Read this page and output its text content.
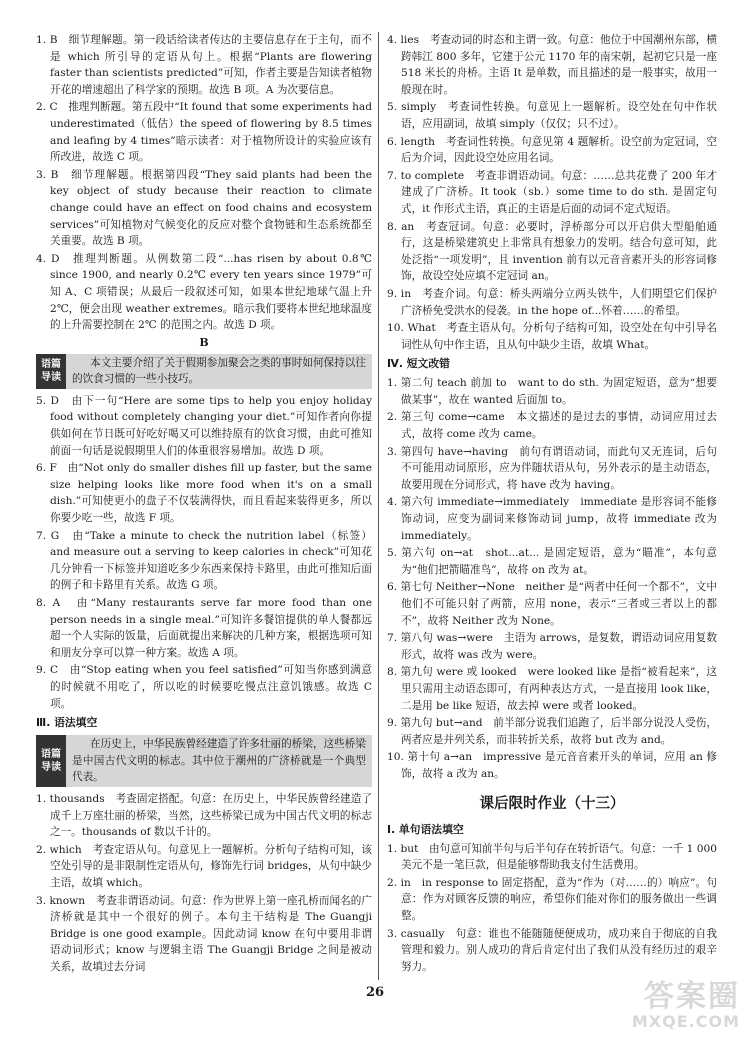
1. B　细节理解题。第一段话给读者传达的主要信息存在于主句，而不是 which 所引导的定语从句上。根据“Plants are flowering faster than scientists predicted”可知，作者主要是告知读者植物开花的增速超出了科学家的预期。故选 B 项。A 为次要信息。

2. C　推理判断题。第五段中“It found that some experiments had underestimated（低估）the speed of flowering by 8.5 times and leafing by 4 times”暗示读者：对于植物所设计的实验应该有所改进，故选 C 项。

3. B　细节理解题。根据第四段“They said plants had been the key object of study because their reaction to climate change could have an effect on food chains and ecosystem services”可知植物对气候变化的反应对整个食物链和生态系统都至关重要。故选 B 项。

4. D　推理判断题。从例数第二段“...has risen by about 0.8℃ since 1900, and nearly 0.2℃ every ten years since 1979”可知 A、C 项错误；从最后一段叙述可知，如果本世纪地球气温上升 2℃，便会出现 weather extremes。暗示我们要将本世纪地球温度的上升需要控制在 2℃ 的范围之内。故选 D 项。

B
语篇导读
本文主要介绍了关于假期参加聚会之类的事时如何保持以往的饮食习惯的一些小技巧。

5. D　由下一句“Here are some tips to help you enjoy holiday food without completely changing your diet.”可知作者向你提供如何在节日既可好吃好喝又可以维持原有的饮食习惯，由此可推知前面一句话是说假期里人们的体重很容易增加。故选 D 项。

6. F　由“Not only do smaller dishes fill up faster, but the same size helping looks like more food when it's on a small dish.”可知使更小的盘子不仅装满得快，而且看起来装得更多，所以你要少吃一些，故选 F 项。

7. G　由“Take a minute to check the nutrition label（标签） and measure out a serving to keep calories in check”可知花几分钟看一下标签并知道吃多少东西来保持卡路里，由此可推知后面的例子和卡路里有关系。故选 G 项。

8. A　由“Many restaurants serve far more food than one person needs in a single meal.”可知许多餐馆提供的单人餐都远超一个人实际的饭量，后面就提出来解决的几种方案，根据选项可知和朋友分享可以算一种方案。故选 A 项。

9. C　由“Stop eating when you feel satisfied”可知当你感到满意的时候就不用吃了，所以吃的时候要吃慢点注意饥饿感。故选 C 项。

Ⅲ. 语法填空
语篇导读
在历史上，中华民族曾经建造了许多壮丽的桥梁，这些桥梁是中国古代文明的标志。其中位于潮州的广济桥就是一个典型代表。

1. thousands　考查固定搭配。句意：在历史上，中华民族曾经建造了成千上万座壮丽的桥梁，当然，这些桥梁已成为中国古代文明的标志之一。thousands of 数以千计的。

2. which　考查定语从句。句意见上一题解析。分析句子结构可知，该空处引导的是非限制性定语从句，修饰先行词 bridges，从句中缺少主语，故填 which。

3. known　考查非谓语动词。句意：作为世界上第一座孔桥而闻名的广济桥就是其中一个很好的例子。本句主干结构是 The Guangji Bridge is one good example。因此动词 know 在句中要用非谓语动词形式；know 与逻辑主语 The Guangji Bridge 之间是被动关系，故填过去分词

4. lies　考查动词的时态和主谓一致。句意：他位于中国潮州东部，横跨韩江 800 多年，它建于公元 1170 年的南宋朝，起初它只是一座 518 米长的舟桥。主语 It 是单数，而且描述的是一般事实，故用一般现在时。

5. simply　考查词性转换。句意见上一题解析。设空处在句中作状语，应用副词，故填 simply（仅仅；只不过）。

6. length　考查词性转换。句意见第 4 题解析。设空前为定冠词，空后为介词，因此设空处应用名词。

7. to complete　考查非谓语动词。句意：……总共花费了 200 年才建成了广济桥。It took（sb.）some time to do sth. 是固定句式，it 作形式主语，真正的主语是后面的动词不定式短语。

8. an　考查冠词。句意：必要时，浮桥部分可以开启供大型船舶通行，这是桥梁建筑史上非常具有想象力的发明。结合句意可知，此处泛指“一项发明”，且 invention 前有以元音音素开头的形容词修饰，故设空处应填不定冠词 an。

9. in　考查介词。句意：桥头两端分立两头铁牛，人们期望它们保护广济桥免受洪水的侵袭。in the hope of...怀着……的希望。

10. What　考查主语从句。分析句子结构可知，设空处在句中引导名词性从句中作主语，且从句中缺少主语，故填 What。

Ⅳ. 短文改错

1. 第二句 teach 前加 to　want to do sth. 为固定短语，意为“想要做某事”，故在 wanted 后面加 to。

2. 第三句 come→came　本文描述的是过去的事情，动词应用过去式，故将 come 改为 came。

3. 第四句 have→having　前句有谓语动词，而此句又无连词，后句不可能用动词原形，应为伴随状语从句，另外表示的是主动语态，故要用现在分词形式，将 have 改为 having。

4. 第六句 immediate→immediately　immediate 是形容词不能修饰动词，应变为副词来修饰动词 jump，故将 immediate 改为 immediately。

5. 第六句 on→at　shot...at... 是固定短语，意为“瞄准”，本句意为“他们把箭瞄准鸟”，故将 on 改为 at。

6. 第七句 Neither→None　neither 是“两者中任何一个都不”，文中他们不可能只射了两箭，应用 none，表示“三者或三者以上的都不”，故将 Neither 改为 None。

7. 第八句 was→were　主语为 arrows，是复数，谓语动词应用复数形式，故将 was 改为 were。

8. 第九句 were 或 looked　were looked like 是指“被看起来”，这里只需用主动语态即可，有两种表达方式，一是直接用 look like，二是用 be like 短语，故去掉 were 或者 looked。

9. 第九句 but→and　前半部分说我们追跑了，后半部分说没人受伤，两者应是并列关系，而非转折关系，故将 but 改为 and。

10. 第十句 a→an　impressive 是元音音素开头的单词，应用 an 修饰，故将 a 改为 an。

课后限时作业（十三）
Ⅰ. 单句语法填空

1. but　由句意可知前半句与后半句存在转折语气。句意：一千 1 000 美元不是一笔巨款，但是能够帮助我支付生活费用。

2. in　in response to 固定搭配，意为“作为（对……的）响应”。句意：作为对顾客反馈的响应，希望你们能对你们的服务做出一些调整。

3. casually　句意：谁也不能随随便便成功，成功来自于彻底的自我管理和毅力。别人成功的背后肯定付出了我们从没有经历过的艰辛努力。

26	答案圈
MXQE.COM
